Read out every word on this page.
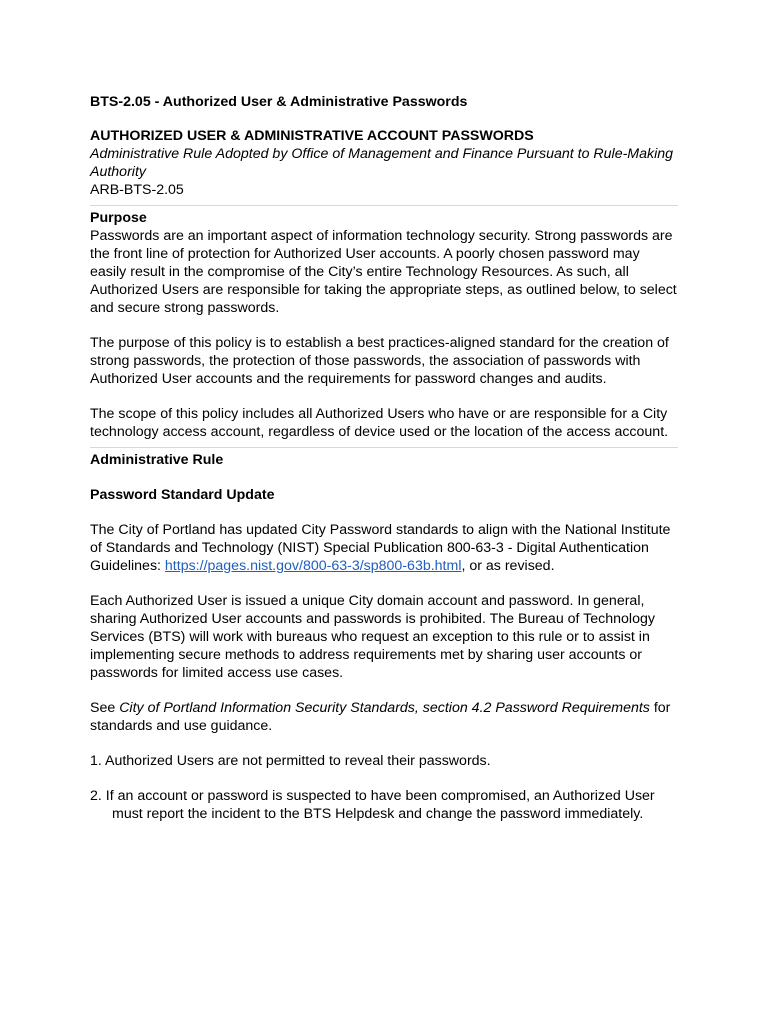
BTS-2.05 - Authorized User & Administrative Passwords

AUTHORIZED USER & ADMINISTRATIVE ACCOUNT PASSWORDS

Administrative Rule Adopted by Office of Management and Finance Pursuant to Rule-Making Authority

ARB-BTS-2.05

Purpose

Passwords are an important aspect of information technology security. Strong passwords are the front line of protection for Authorized User accounts. A poorly chosen password may easily result in the compromise of the City’s entire Technology Resources. As such, all Authorized Users are responsible for taking the appropriate steps, as outlined below, to select and secure strong passwords.

The purpose of this policy is to establish a best practices-aligned standard for the creation of strong passwords, the protection of those passwords, the association of passwords with Authorized User accounts and the requirements for password changes and audits.

The scope of this policy includes all Authorized Users who have or are responsible for a City technology access account, regardless of device used or the location of the access account.

Administrative Rule

Password Standard Update

The City of Portland has updated City Password standards to align with the National Institute of Standards and Technology (NIST) Special Publication 800-63-3 - Digital Authentication Guidelines: https://pages.nist.gov/800-63-3/sp800-63b.html, or as revised.

Each Authorized User is issued a unique City domain account and password. In general, sharing Authorized User accounts and passwords is prohibited. The Bureau of Technology Services (BTS) will work with bureaus who request an exception to this rule or to assist in implementing secure methods to address requirements met by sharing user accounts or passwords for limited access use cases.

See City of Portland Information Security Standards, section 4.2 Password Requirements for standards and use guidance.

1. Authorized Users are not permitted to reveal their passwords.

2. If an account or password is suspected to have been compromised, an Authorized User must report the incident to the BTS Helpdesk and change the password immediately.
